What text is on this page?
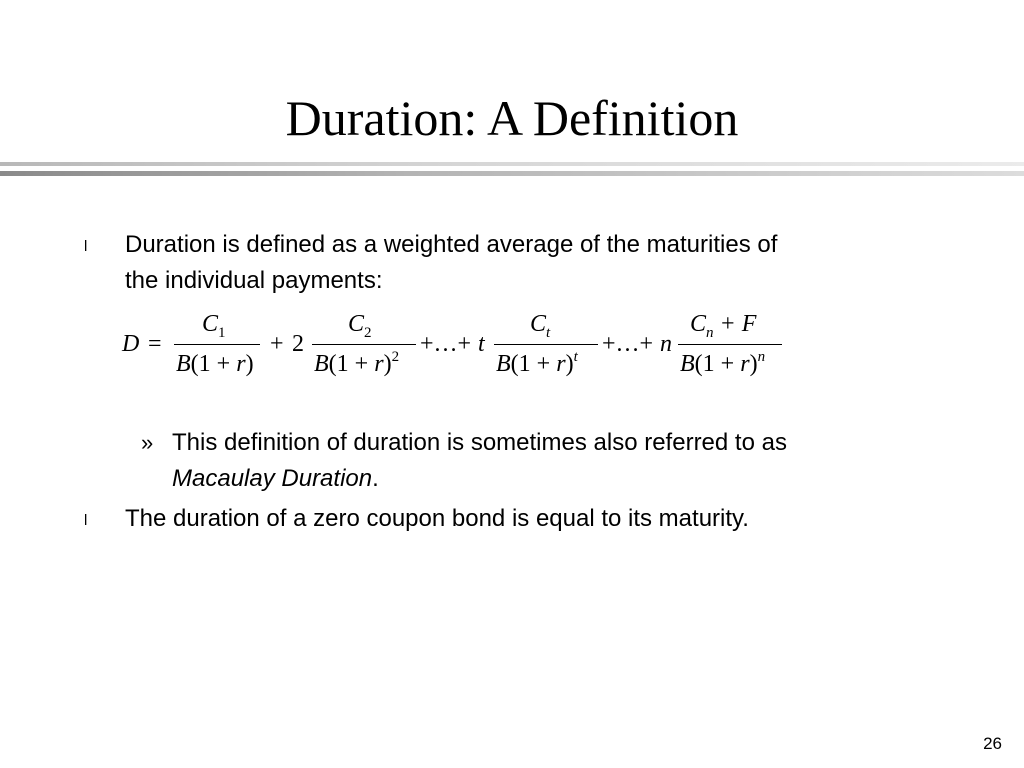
Duration: A Definition
l Duration is defined as a weighted average of the maturities of
the individual payments:
D =
$C_1$
B(1 + r)
+ 2
$C_2$
$B(1 + r)^2$ +…+ t
$C_t$
$B(1 + r)^t$ +…+ n
$C_n + F$
$B(1 + r)^n$
» This definition of duration is sometimes also referred to as
Macaulay Duration.
l The duration of a zero coupon bond is equal to its maturity.
26
